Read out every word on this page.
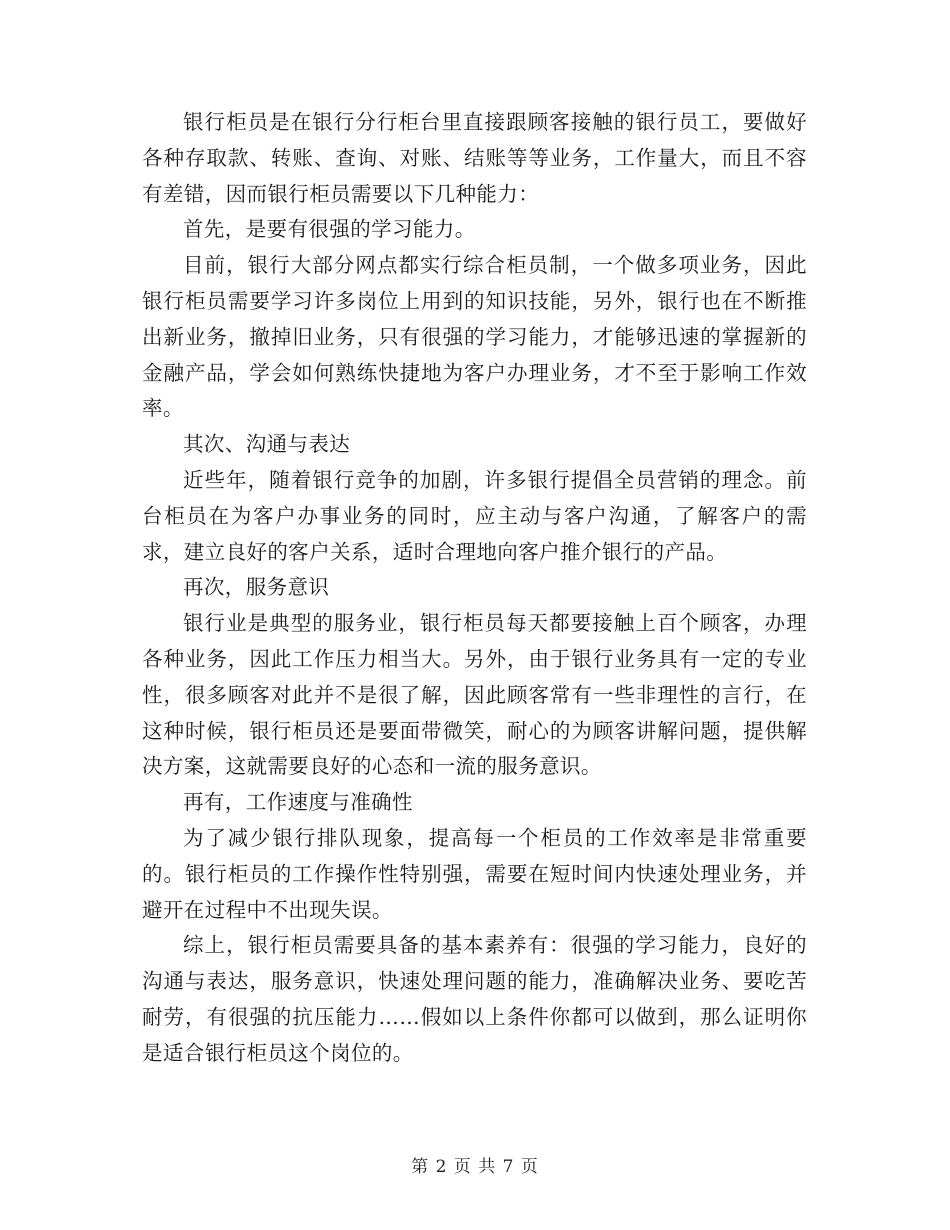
银行柜员是在银行分行柜台里直接跟顾客接触的银行员工，要做好各种存取款、转账、查询、对账、结账等等业务，工作量大，而且不容有差错，因而银行柜员需要以下几种能力：

首先，是要有很强的学习能力。

目前，银行大部分网点都实行综合柜员制，一个做多项业务，因此银行柜员需要学习许多岗位上用到的知识技能，另外，银行也在不断推出新业务，撤掉旧业务，只有很强的学习能力，才能够迅速的掌握新的金融产品，学会如何熟练快捷地为客户办理业务，才不至于影响工作效率。

其次、沟通与表达

近些年，随着银行竞争的加剧，许多银行提倡全员营销的理念。前台柜员在为客户办事业务的同时，应主动与客户沟通，了解客户的需求，建立良好的客户关系，适时合理地向客户推介银行的产品。

再次，服务意识

银行业是典型的服务业，银行柜员每天都要接触上百个顾客，办理各种业务，因此工作压力相当大。另外，由于银行业务具有一定的专业性，很多顾客对此并不是很了解，因此顾客常有一些非理性的言行，在这种时候，银行柜员还是要面带微笑，耐心的为顾客讲解问题，提供解决方案，这就需要良好的心态和一流的服务意识。

再有，工作速度与准确性

为了减少银行排队现象，提高每一个柜员的工作效率是非常重要的。银行柜员的工作操作性特别强，需要在短时间内快速处理业务，并避开在过程中不出现失误。

综上，银行柜员需要具备的基本素养有：很强的学习能力，良好的沟通与表达，服务意识，快速处理问题的能力，准确解决业务、要吃苦耐劳，有很强的抗压能力……假如以上条件你都可以做到，那么证明你是适合银行柜员这个岗位的。

第 2 页 共 7 页
